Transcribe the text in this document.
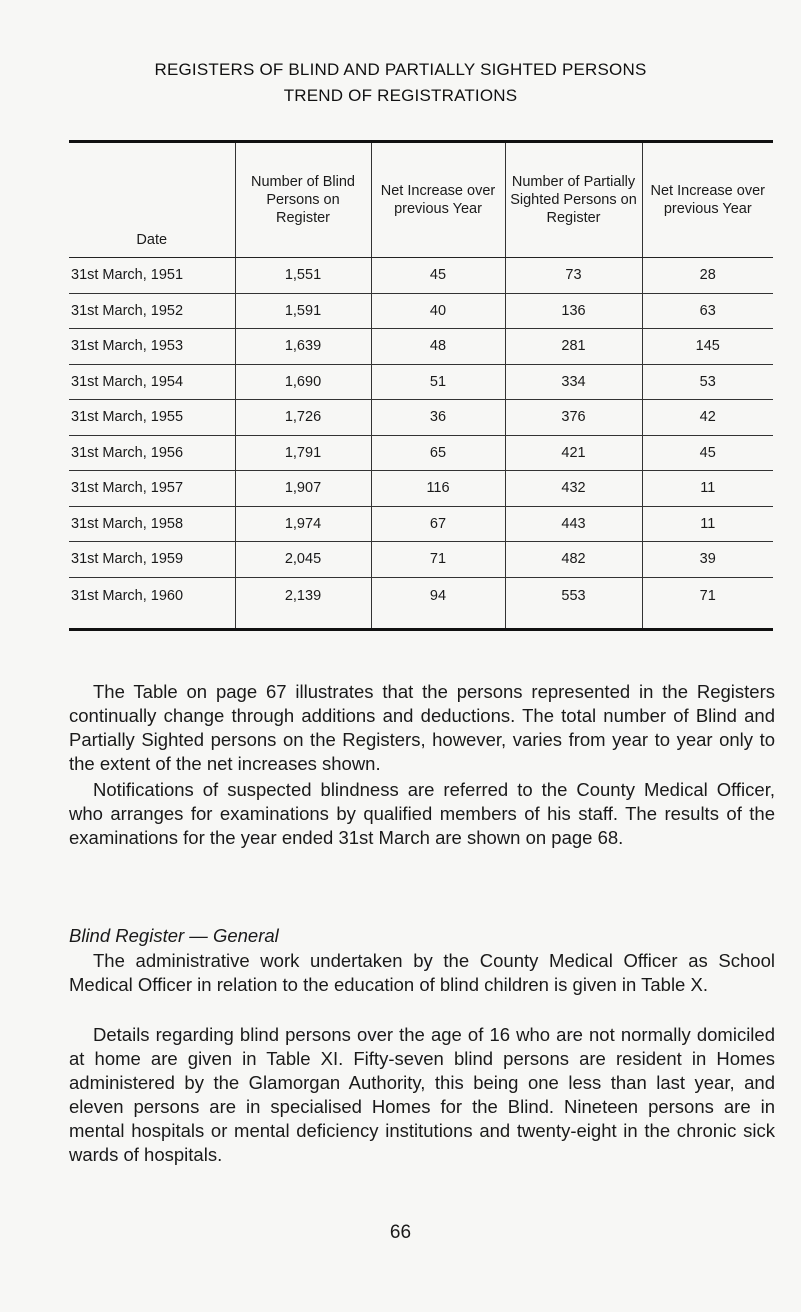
REGISTERS OF BLIND AND PARTIALLY SIGHTED PERSONS
TREND OF REGISTRATIONS
Date	Number of Blind Persons on Register	Net Increase over previous Year	Number of Partially Sighted Persons on Register	Net Increase over previous Year
31st March, 1951	1,551	45	73	28
31st March, 1952	1,591	40	136	63
31st March, 1953	1,639	48	281	145
31st March, 1954	1,690	51	334	53
31st March, 1955	1,726	36	376	42
31st March, 1956	1,791	65	421	45
31st March, 1957	1,907	116	432	11
31st March, 1958	1,974	67	443	11
31st March, 1959	2,045	71	482	39
31st March, 1960	2,139	94	553	71
The Table on page 67 illustrates that the persons represented in the Registers continually change through additions and deductions. The total number of Blind and Partially Sighted persons on the Registers, however, varies from year to year only to the extent of the net increases shown.
Notifications of suspected blindness are referred to the County Medical Officer, who arranges for examinations by qualified members of his staff. The results of the examinations for the year ended 31st March are shown on page 68.
Blind Register — General
The administrative work undertaken by the County Medical Officer as School Medical Officer in relation to the education of blind children is given in Table X.
Details regarding blind persons over the age of 16 who are not normally domiciled at home are given in Table XI. Fifty-seven blind persons are resident in Homes administered by the Glamorgan Authority, this being one less than last year, and eleven persons are in specialised Homes for the Blind. Nineteen persons are in mental hospitals or mental deficiency institutions and twenty-eight in the chronic sick wards of hospitals.
66
